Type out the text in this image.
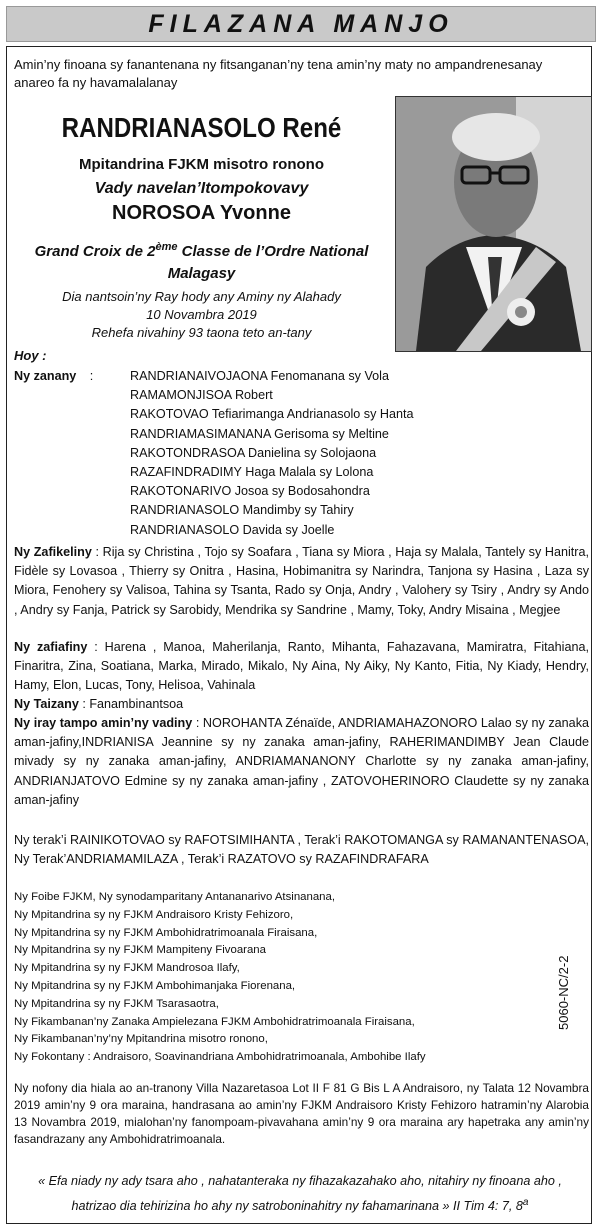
FILAZANA MANJO
Amin’ny finoana sy fanantenana ny fitsanganan’ny tena amin’ny maty no ampandrenesanay anareo fa ny havamalalanay
RANDRIANASOLO René
Mpitandrina FJKM misotro ronono
Vady navelan’Itompokovavy
NOROSOA Yvonne
Grand Croix de 2ème Classe de l’Ordre National Malagasy
Dia nantsoin’ny Ray hody any Aminy ny Alahady
10 Novambra 2019
Rehefa nivahiny 93 taona teto an-tany
Hoy :
Ny zanany :	RANDRIANAIVOJAONA Fenomanana sy Vola
RAMAMONJISOA Robert
RAKOTOVAO Tefiarimanga Andrianasolo sy Hanta
RANDRIAMASIMANANA Gerisoma sy Meltine
RAKOTONDRASOA Danielina sy Solojaona
RAZAFINDRADIMY Haga Malala sy Lolona
RAKOTONARIVO Josoa sy Bodosahondra
RANDRIANASOLO Mandimby sy Tahiry
RANDRIANASOLO Davida sy Joelle
Ny Zafikeliny : Rija sy Christina , Tojo sy Soafara , Tiana sy Miora , Haja sy Malala, Tantely sy Hanitra, Fidèle sy Lovasoa , Thierry sy Onitra , Hasina, Hobimanitra sy Narindra, Tanjona sy Hasina , Laza sy Miora, Fenohery sy Valisoa, Tahina sy Tsanta, Rado sy Onja, Andry , Valohery sy Tsiry , Andry sy Ando , Andry sy Fanja, Patrick sy Sarobidy, Mendrika sy Sandrine , Mamy, Toky, Andry Misaina , Megjee
Ny zafiafiny : Harena , Manoa, Maherilanja, Ranto, Mihanta, Fahazavana, Mamiratra, Fitahiana, Finaritra, Zina, Soatiana, Marka, Mirado, Mikalo, Ny Aina, Ny Aiky, Ny Kanto, Fitia, Ny Kiady, Hendry, Hamy, Elon, Lucas, Tony, Helisoa, Vahinala
Ny Taizany : Fanambinantsoa
Ny iray tampo amin’ny vadiny : NOROHANTA Zénaïde, ANDRIAMAHAZONORO Lalao sy ny zanaka aman-jafiny,INDRIANISA Jeannine sy ny zanaka aman-jafiny, RAHERIMANDIMBY Jean Claude mivady sy ny zanaka aman-jafiny, ANDRIAMANANONY Charlotte sy ny zanaka aman-jafiny, ANDRIANJATOVO Edmine sy ny zanaka aman-jafiny , ZATOVOHERINORO Claudette sy ny zanaka aman-jafiny
Ny terak’i RAINIKOTOVAO sy RAFOTSIMIHANTA , Terak’i RAKOTOMANGA sy RAMANANTENASOA, Ny Terak’ANDRIAMAMILAZA , Terak’i RAZATOVO sy RAZAFINDRAFARA
Ny Foibe FJKM, Ny synodamparitany Antananarivo Atsinanana,
Ny Mpitandrina sy ny FJKM Andraisoro Kristy Fehizoro,
Ny Mpitandrina sy ny FJKM Ambohidratrimoanala Firaisana,
Ny Mpitandrina sy ny FJKM Mampiteny Fivoarana
Ny Mpitandrina sy ny FJKM Mandrosoa Ilafy,
Ny Mpitandrina sy ny FJKM Ambohimanjaka Fiorenana,
Ny Mpitandrina sy ny FJKM Tsarasaotra,
Ny Fikambanan’ny Zanaka Ampielezana FJKM Ambohidratrimoanala Firaisana,
Ny Fikambanan’ny’ny Mpitandrina misotro ronono,
Ny Fokontany : Andraisoro, Soavinandriana Ambohidratrimoanala, Ambohibe Ilafy
5060-NC/2-2
Ny nofony dia hiala ao an-tranony Villa Nazaretasoa Lot II F 81 G Bis L A Andraisoro, ny Talata 12 Novambra 2019 amin’ny 9 ora maraina, handrasana ao amin’ny FJKM Andraisoro Kristy Fehizoro hatramin’ny Alarobia 13 Novambra 2019, mialohan’ny fanompoam-pivavahana amin’ny 9 ora maraina ary hapetraka any amin’ny fasandrazany any Ambohidratrimoanala.
« Efa niady ny ady tsara aho , nahatanteraka ny fihazakazahako aho, nitahiry ny finoana aho ,
hatrizao dia tehirizina ho ahy ny satroboninahitry ny fahamarinana » II Tim 4: 7, 8$^a$
